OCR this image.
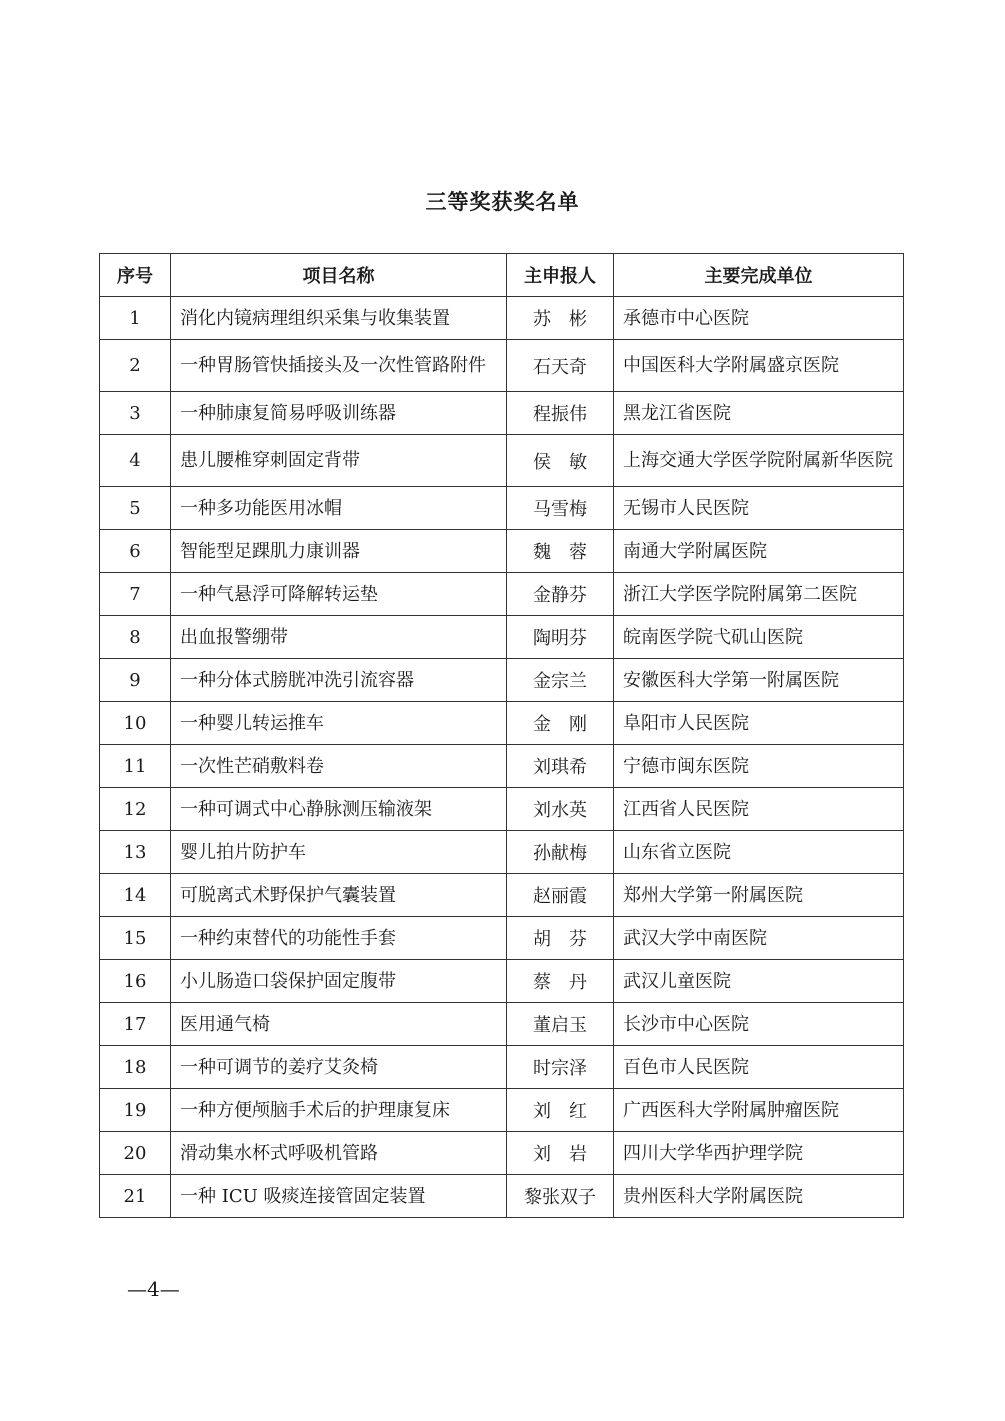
三等奖获奖名单
序号	项目名称	主申报人	主要完成单位
1	消化内镜病理组织采集与收集装置	苏　彬	承德市中心医院
2	一种胃肠管快插接头及一次性管路附件	石天奇	中国医科大学附属盛京医院
3	一种肺康复简易呼吸训练器	程振伟	黑龙江省医院
4	患儿腰椎穿刺固定背带	侯　敏	上海交通大学医学院附属新华医院
5	一种多功能医用冰帽	马雪梅	无锡市人民医院
6	智能型足踝肌力康训器	魏　蓉	南通大学附属医院
7	一种气悬浮可降解转运垫	金静芬	浙江大学医学院附属第二医院
8	出血报警绷带	陶明芬	皖南医学院弋矶山医院
9	一种分体式膀胱冲洗引流容器	金宗兰	安徽医科大学第一附属医院
10	一种婴儿转运推车	金　刚	阜阳市人民医院
11	一次性芒硝敷料卷	刘琪希	宁德市闽东医院
12	一种可调式中心静脉测压输液架	刘水英	江西省人民医院
13	婴儿拍片防护车	孙献梅	山东省立医院
14	可脱离式术野保护气囊装置	赵丽霞	郑州大学第一附属医院
15	一种约束替代的功能性手套	胡　芬	武汉大学中南医院
16	小儿肠造口袋保护固定腹带	蔡　丹	武汉儿童医院
17	医用通气椅	董启玉	长沙市中心医院
18	一种可调节的姜疗艾灸椅	时宗泽	百色市人民医院
19	一种方便颅脑手术后的护理康复床	刘　红	广西医科大学附属肿瘤医院
20	滑动集水杯式呼吸机管路	刘　岩	四川大学华西护理学院
21	一种 ICU 吸痰连接管固定装置	黎张双子	贵州医科大学附属医院
—4—
